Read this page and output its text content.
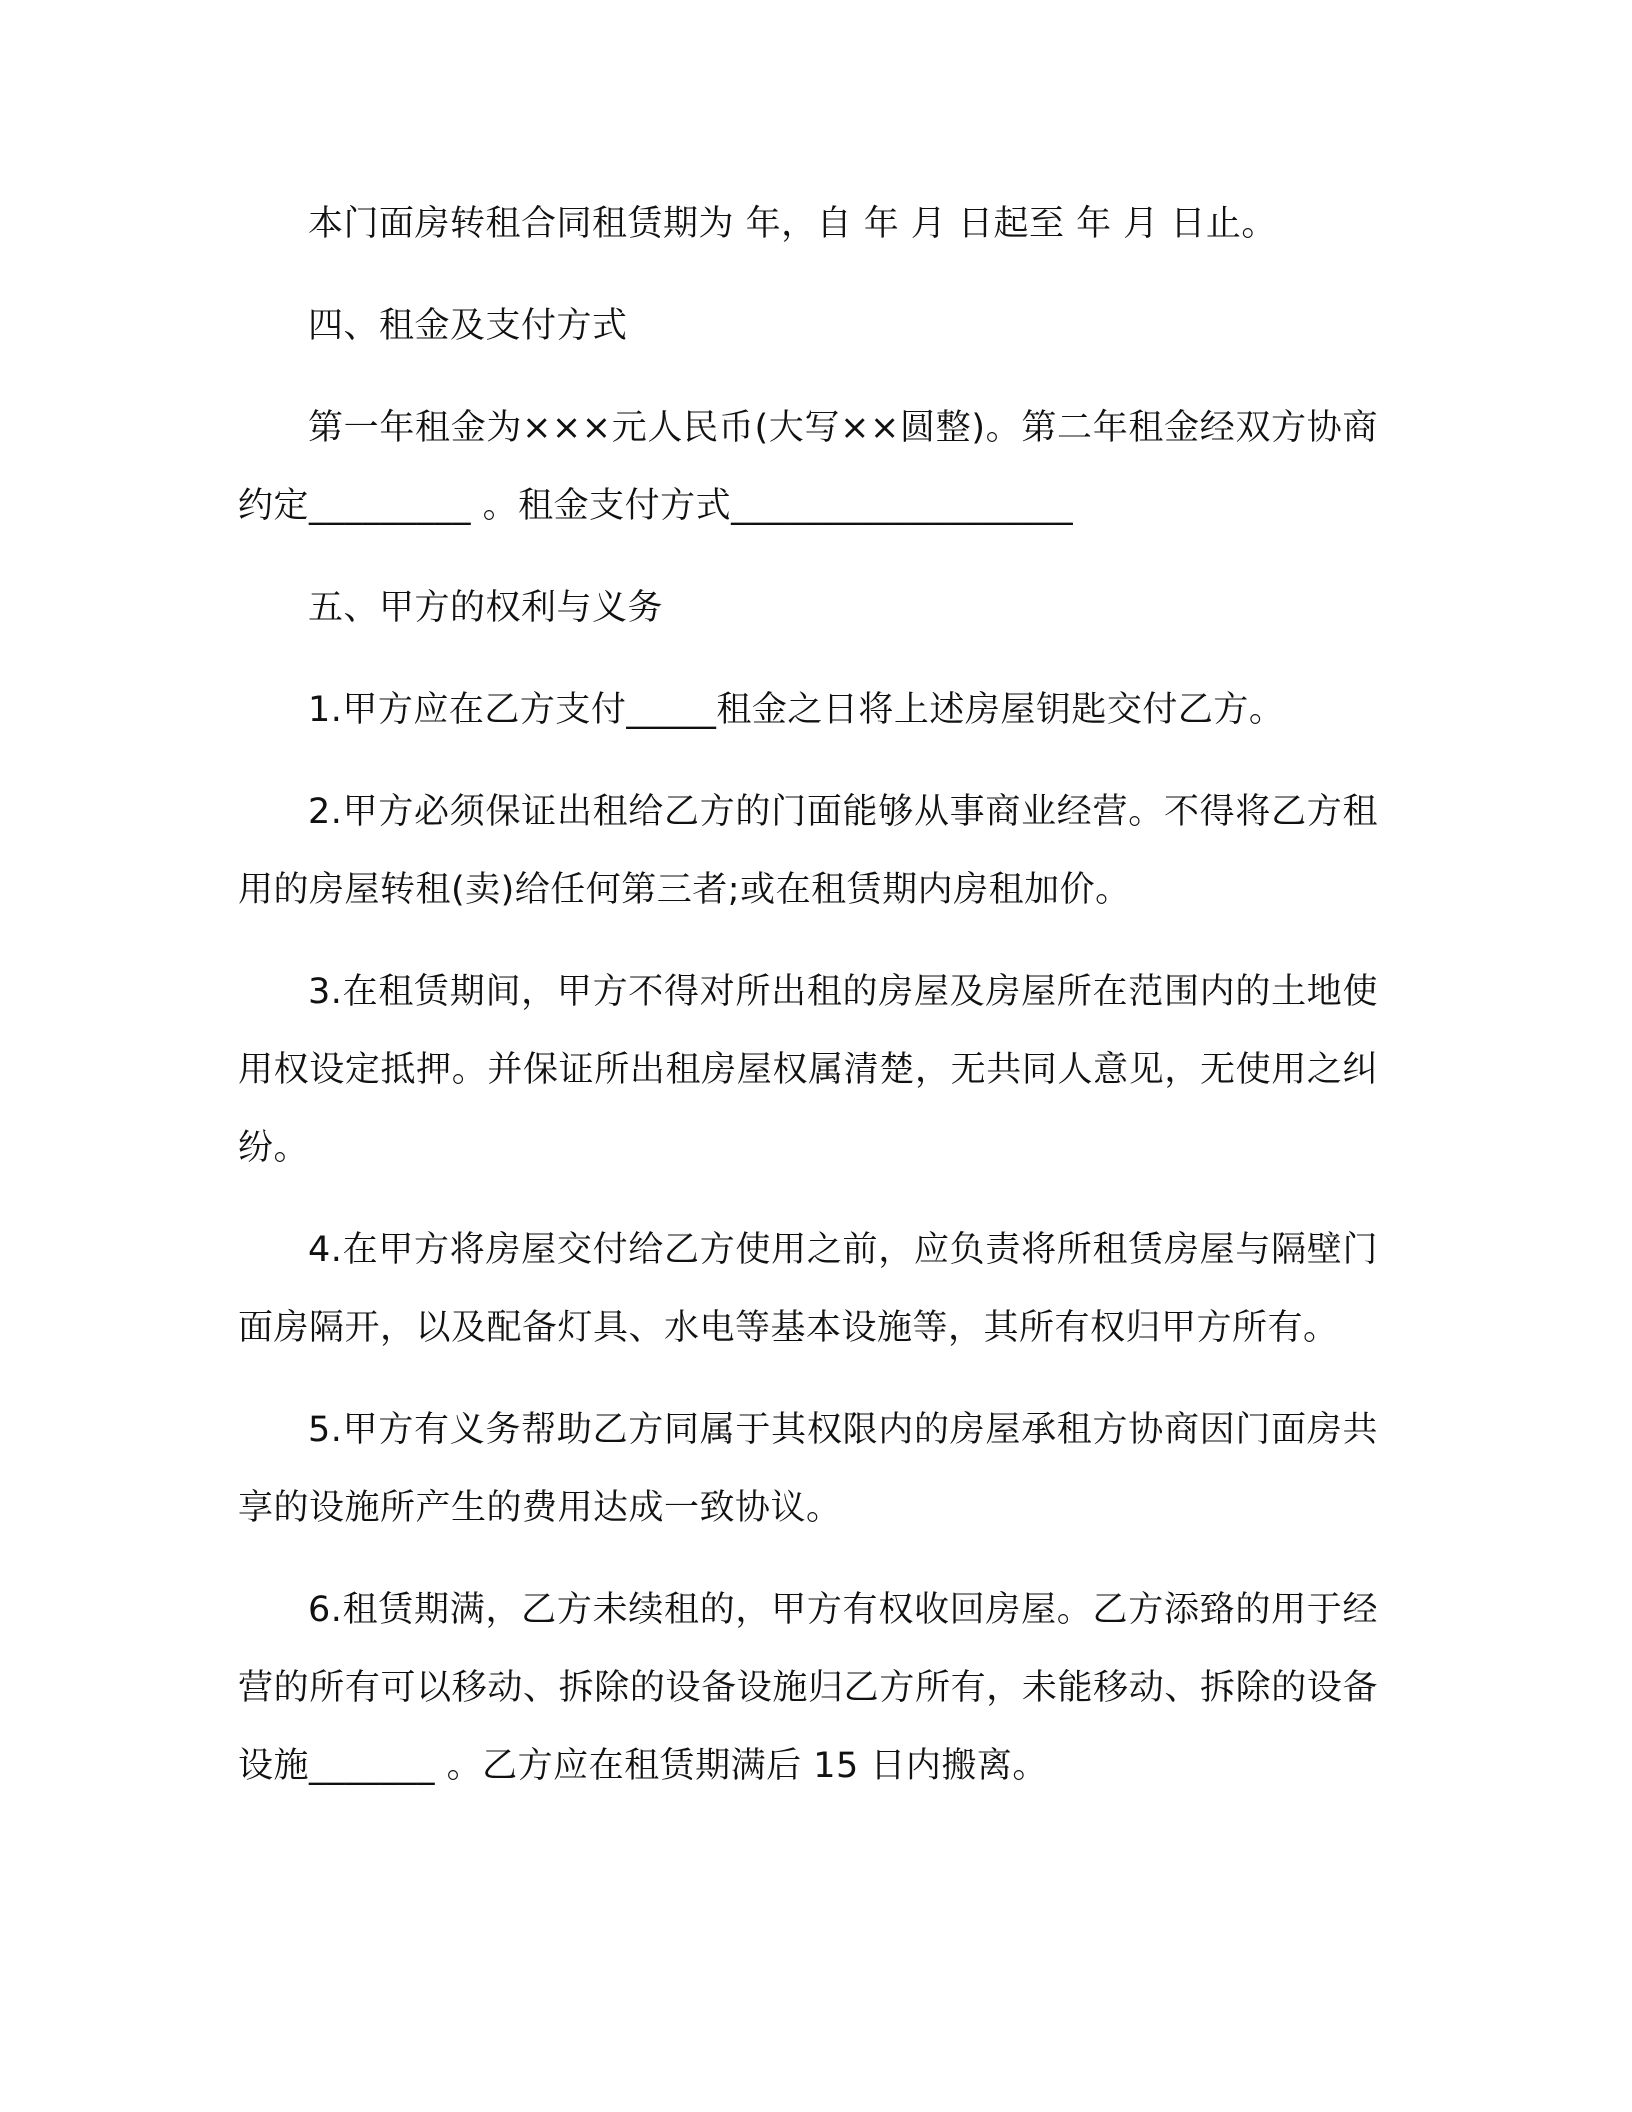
本门面房转租合同租赁期为 年，自 年 月 日起至 年 月 日止。

四、租金及支付方式

第一年租金为×××元人民币(大写××圆整)。第二年租金经双方协商约定_________ 。租金支付方式___________________

五、甲方的权利与义务

1.甲方应在乙方支付_____租金之日将上述房屋钥匙交付乙方。

2.甲方必须保证出租给乙方的门面能够从事商业经营。不得将乙方租用的房屋转租(卖)给任何第三者;或在租赁期内房租加价。

3.在租赁期间，甲方不得对所出租的房屋及房屋所在范围内的土地使用权设定抵押。并保证所出租房屋权属清楚，无共同人意见，无使用之纠纷。

4.在甲方将房屋交付给乙方使用之前，应负责将所租赁房屋与隔壁门面房隔开，以及配备灯具、水电等基本设施等，其所有权归甲方所有。

5.甲方有义务帮助乙方同属于其权限内的房屋承租方协商因门面房共享的设施所产生的费用达成一致协议。

6.租赁期满，乙方未续租的，甲方有权收回房屋。乙方添臵的用于经营的所有可以移动、拆除的设备设施归乙方所有，未能移动、拆除的设备设施_______ 。乙方应在租赁期满后 15 日内搬离。
